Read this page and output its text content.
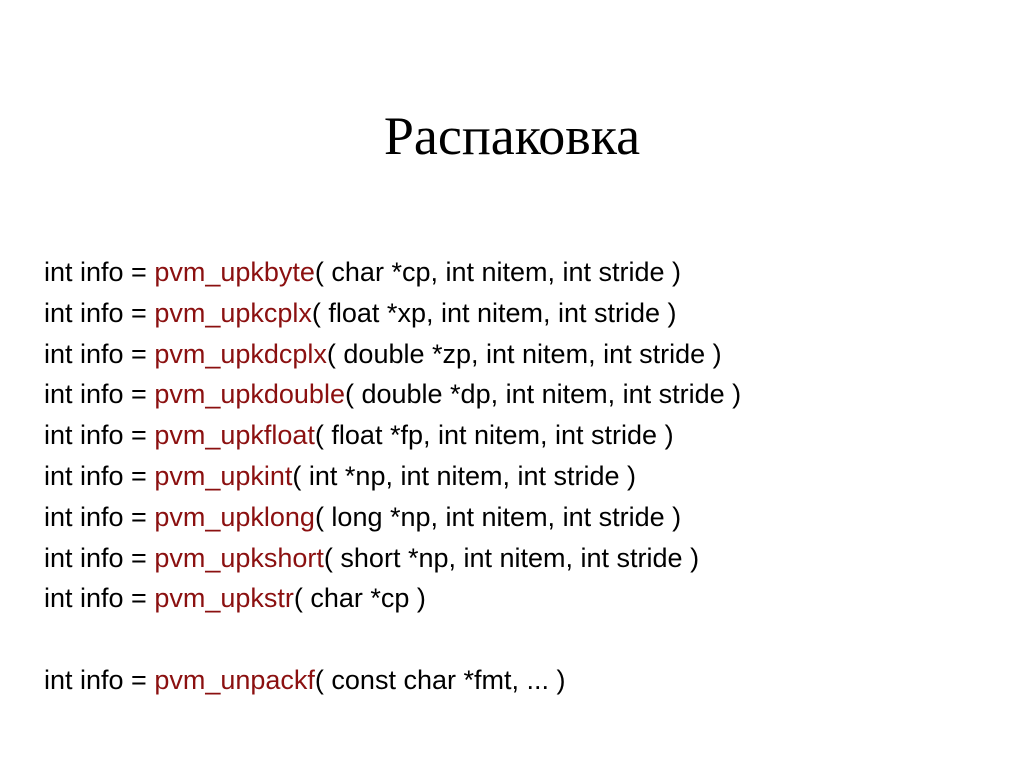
Распаковка
int info = pvm_upkbyte( char *cp, int nitem, int stride )
int info = pvm_upkcplx( float *xp, int nitem, int stride )
int info = pvm_upkdcplx( double *zp, int nitem, int stride )
int info = pvm_upkdouble( double *dp, int nitem, int stride )
int info = pvm_upkfloat( float *fp, int nitem, int stride )
int info = pvm_upkint( int *np, int nitem, int stride )
int info = pvm_upklong( long *np, int nitem, int stride )
int info = pvm_upkshort( short *np, int nitem, int stride )
int info = pvm_upkstr( char *cp )
int info = pvm_unpackf( const char *fmt, ... )
